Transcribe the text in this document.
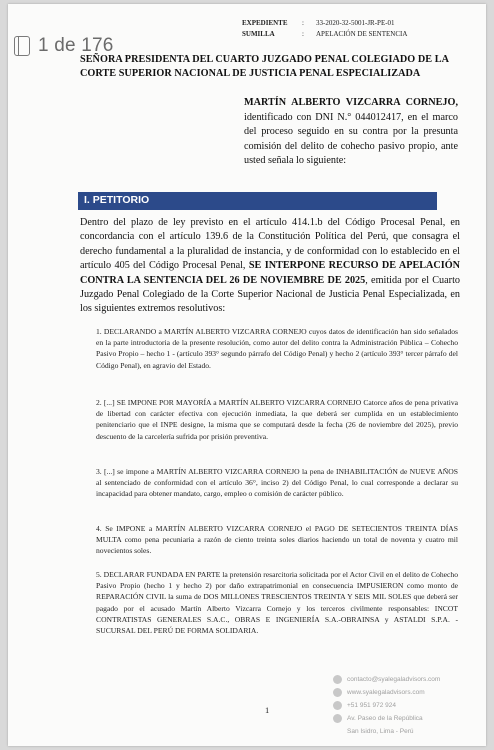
EXPEDIENTE	:	33-2020-32-5001-JR-PE-01
SUMILLA	:	APELACIÓN DE SENTENCIA
SEÑORA PRESIDENTA DEL CUARTO JUZGADO PENAL COLEGIADO DE LA CORTE SUPERIOR NACIONAL DE JUSTICIA PENAL ESPECIALIZADA
MARTÍN ALBERTO VIZCARRA CORNEJO, identificado con DNI N.° 044012417, en el marco del proceso seguido en su contra por la presunta comisión del delito de cohecho pasivo propio, ante usted señala lo siguiente:
I. PETITORIO
Dentro del plazo de ley previsto en el artículo 414.1.b del Código Procesal Penal, en concordancia con el artículo 139.6 de la Constitución Política del Perú, que consagra el derecho fundamental a la pluralidad de instancia, y de conformidad con lo establecido en el artículo 405 del Código Procesal Penal, SE INTERPONE RECURSO DE APELACIÓN CONTRA LA SENTENCIA DEL 26 DE NOVIEMBRE DE 2025, emitida por el Cuarto Juzgado Penal Colegiado de la Corte Superior Nacional de Justicia Penal Especializada, en los siguientes extremos resolutivos:
1. DECLARANDO a MARTÍN ALBERTO VIZCARRA CORNEJO cuyos datos de identificación han sido señalados en la parte introductoria de la presente resolución, como autor del delito contra la Administración Pública – Cohecho Pasivo Propio – hecho 1 - (artículo 393° segundo párrafo del Código Penal) y hecho 2 (artículo 393° tercer párrafo del Código Penal), en agravio del Estado.
2. [...] SE IMPONE POR MAYORÍA a MARTÍN ALBERTO VIZCARRA CORNEJO Catorce años de pena privativa de libertad con carácter efectiva con ejecución inmediata, la que deberá ser cumplida en un establecimiento penitenciario que el INPE designe, la misma que se computará desde la fecha (26 de noviembre del 2025), previo descuento de la carcelería sufrida por prisión preventiva.
3. [...] se impone a MARTÍN ALBERTO VIZCARRA CORNEJO la pena de INHABILITACIÓN de NUEVE AÑOS al sentenciado de conformidad con el artículo 36°, inciso 2) del Código Penal, lo cual corresponde a declarar su incapacidad para obtener mandato, cargo, empleo o comisión de carácter público.
4. Se IMPONE a MARTÍN ALBERTO VIZCARRA CORNEJO el PAGO DE SETECIENTOS TREINTA DÍAS MULTA como pena pecuniaria a razón de ciento treinta soles diarios haciendo un total de noventa y cuatro mil novecientos soles.
5. DECLARAR FUNDADA EN PARTE la pretensión resarcitoria solicitada por el Actor Civil en el delito de Cohecho Pasivo Propio (hecho 1 y hecho 2) por daño extrapatrimonial en consecuencia IMPUSIERON como monto de REPARACIÓN CIVIL la suma de DOS MILLONES TRESCIENTOS TREINTA Y SEIS MIL SOLES que deberá ser pagado por el acusado Martín Alberto Vizcarra Cornejo y los terceros civilmente responsables: INCOT CONTRATISTAS GENERALES S.A.C., OBRAS E INGENIERÍA S.A.-OBRAINSA y ASTALDI S.P.A. - SUCURSAL DEL PERÚ DE FORMA SOLIDARIA.
contacto@syalegaladvisors.com
www.syalegaladvisors.com
+51 951 972 924
Av. Paseo de la República
San Isidro, Lima - Perú
1
1 de 176
